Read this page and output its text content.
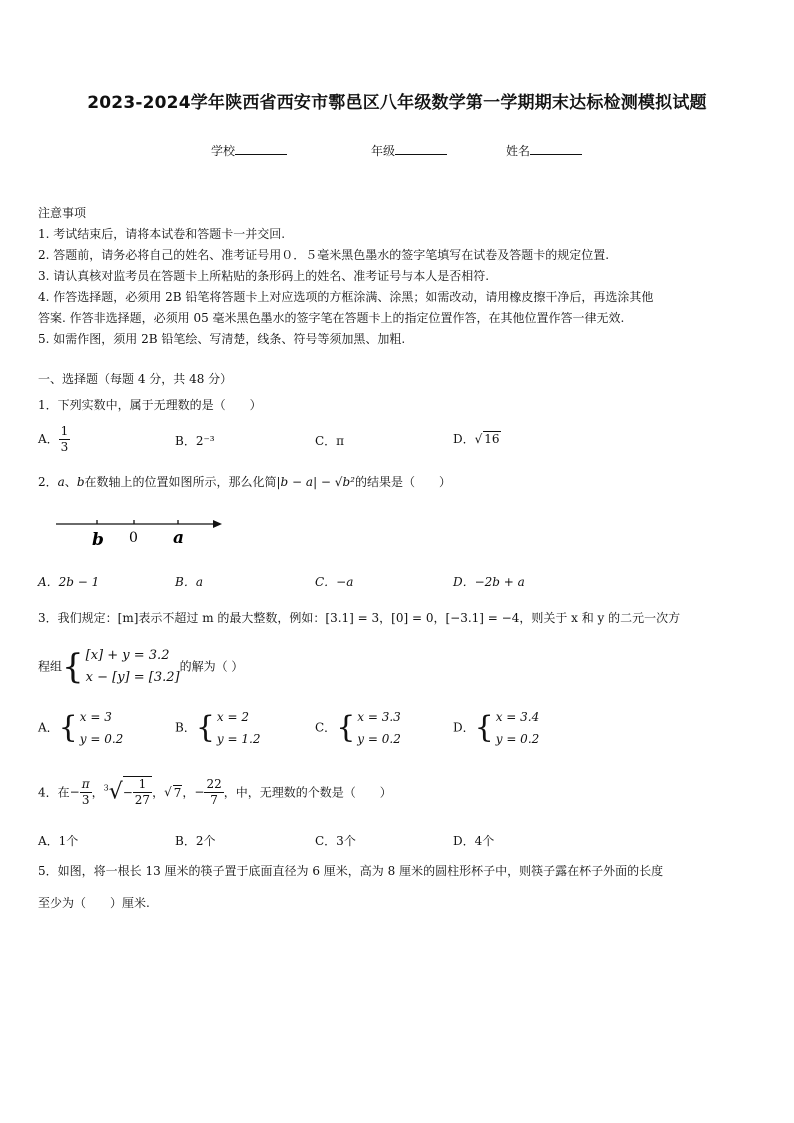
2023-2024学年陕西省西安市鄠邑区八年级数学第一学期期末达标检测模拟试题
学校	年级	姓名
注意事项
1. 考试结束后，请将本试卷和答题卡一并交回.
2. 答题前，请务必将自己的姓名、准考证号用０．５毫米黑色墨水的签字笔填写在试卷及答题卡的规定位置.
3. 请认真核对监考员在答题卡上所粘贴的条形码上的姓名、准考证号与本人是否相符.
4. 作答选择题，必须用 2B 铅笔将答题卡上对应选项的方框涂满、涂黑；如需改动，请用橡皮擦干净后，再选涂其他
答案. 作答非选择题，必须用 05 毫米黑色墨水的签字笔在答题卡上的指定位置作答，在其他位置作答一律无效.
5. 如需作图，须用 2B 铅笔绘、写清楚，线条、符号等须加黑、加粗.
一、选择题（每题 4 分，共 48 分）
1．下列实数中，属于无理数的是（　　）
A． $\frac{1}{3}$	B．2⁻³	C．π	D．√ 16
2．a、b在数轴上的位置如图所示，那么化简|b − a| − √b²的结果是（　　）
b 0 a
A．2b − 1	B．a	C．−a	D．−2b + a
3．我们规定：[m]表示不超过 m 的最大整数，例如：[3.1] = 3，[0] = 0，[−3.1] = −4，则关于 x 和 y 的二元一次方
程组{ [x] + y = 3.2
x − [y] = [3.2]
的解为（ ）
A．{ x = 3
y = 0.2
B．{ x = 2
y = 1.2
C．{ x = 3.3
y = 0.2
D．{ x = 3.4
y = 0.2
4．在− $\frac{\pi}{3}$ ，$^3√- \frac{1}{27}$ ，√ 7，− $\frac{22}{7}$ ，中，无理数的个数是（　　）
A．1个	B．2个	C．3个	D．4个
5．如图，将一根长 13 厘米的筷子置于底面直径为 6 厘米，高为 8 厘米的圆柱形杯子中，则筷子露在杯子外面的长度
至少为（　　）厘米.
